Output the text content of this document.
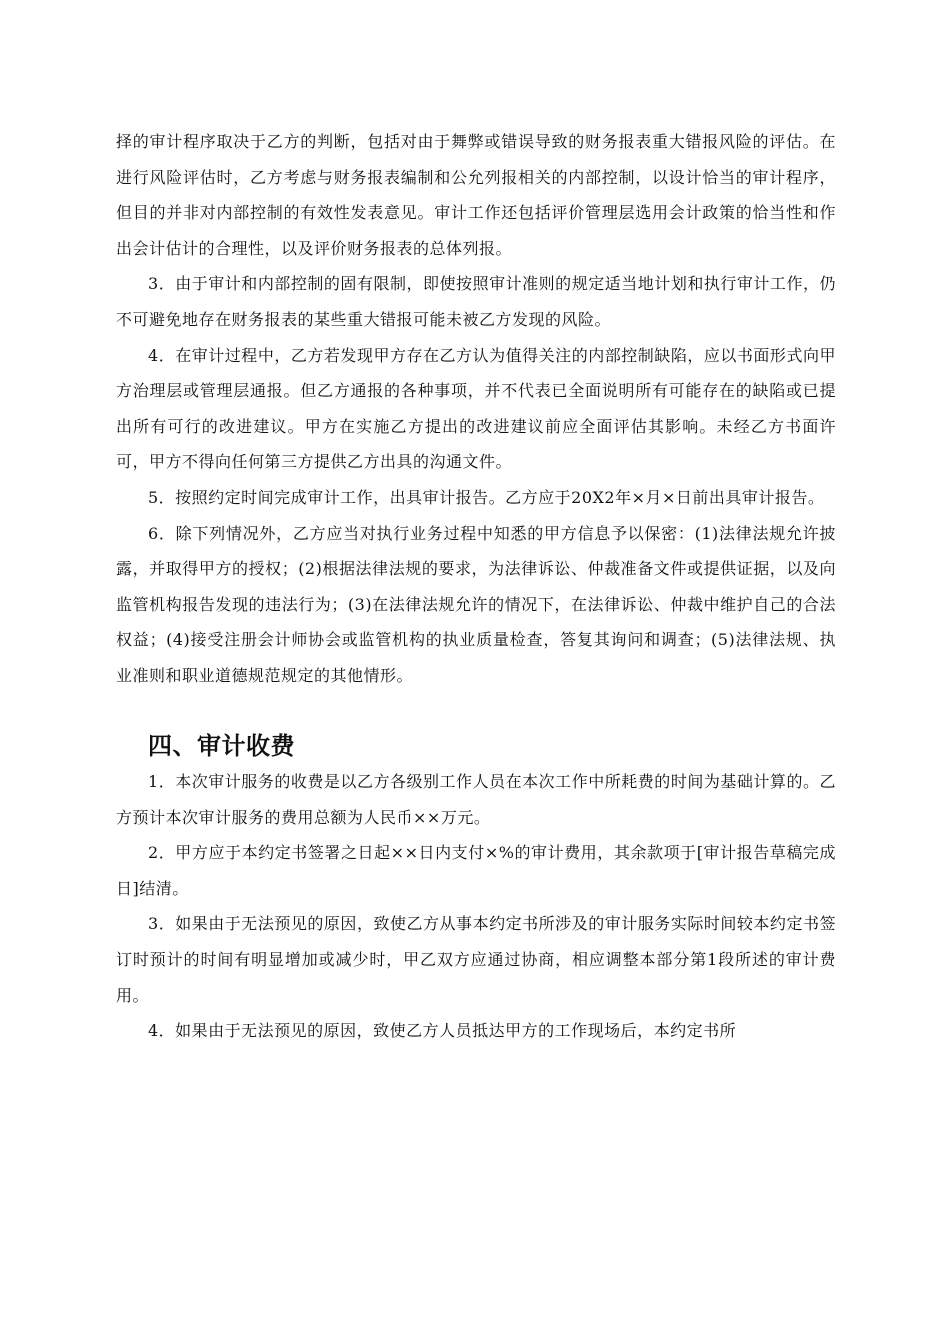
择的审计程序取决于乙方的判断，包括对由于舞弊或错误导致的财务报表重大错报风险的评估。在进行风险评估时，乙方考虑与财务报表编制和公允列报相关的内部控制，以设计恰当的审计程序，但目的并非对内部控制的有效性发表意见。审计工作还包括评价管理层选用会计政策的恰当性和作出会计估计的合理性，以及评价财务报表的总体列报。

3．由于审计和内部控制的固有限制，即使按照审计准则的规定适当地计划和执行审计工作，仍不可避免地存在财务报表的某些重大错报可能未被乙方发现的风险。

4．在审计过程中，乙方若发现甲方存在乙方认为值得关注的内部控制缺陷，应以书面形式向甲方治理层或管理层通报。但乙方通报的各种事项，并不代表已全面说明所有可能存在的缺陷或已提出所有可行的改进建议。甲方在实施乙方提出的改进建议前应全面评估其影响。未经乙方书面许可，甲方不得向任何第三方提供乙方出具的沟通文件。

5．按照约定时间完成审计工作，出具审计报告。乙方应于20X2年×月×日前出具审计报告。

6．除下列情况外，乙方应当对执行业务过程中知悉的甲方信息予以保密：(1)法律法规允许披露，并取得甲方的授权；(2)根据法律法规的要求，为法律诉讼、仲裁准备文件或提供证据，以及向监管机构报告发现的违法行为；(3)在法律法规允许的情况下，在法律诉讼、仲裁中维护自己的合法权益；(4)接受注册会计师协会或监管机构的执业质量检查，答复其询问和调查；(5)法律法规、执业准则和职业道德规范规定的其他情形。

四、审计收费

1．本次审计服务的收费是以乙方各级别工作人员在本次工作中所耗费的时间为基础计算的。乙方预计本次审计服务的费用总额为人民币××万元。

2．甲方应于本约定书签署之日起××日内支付×%的审计费用，其余款项于[审计报告草稿完成日]结清。

3．如果由于无法预见的原因，致使乙方从事本约定书所涉及的审计服务实际时间较本约定书签订时预计的时间有明显增加或减少时，甲乙双方应通过协商，相应调整本部分第1段所述的审计费用。

4．如果由于无法预见的原因，致使乙方人员抵达甲方的工作现场后，本约定书所
